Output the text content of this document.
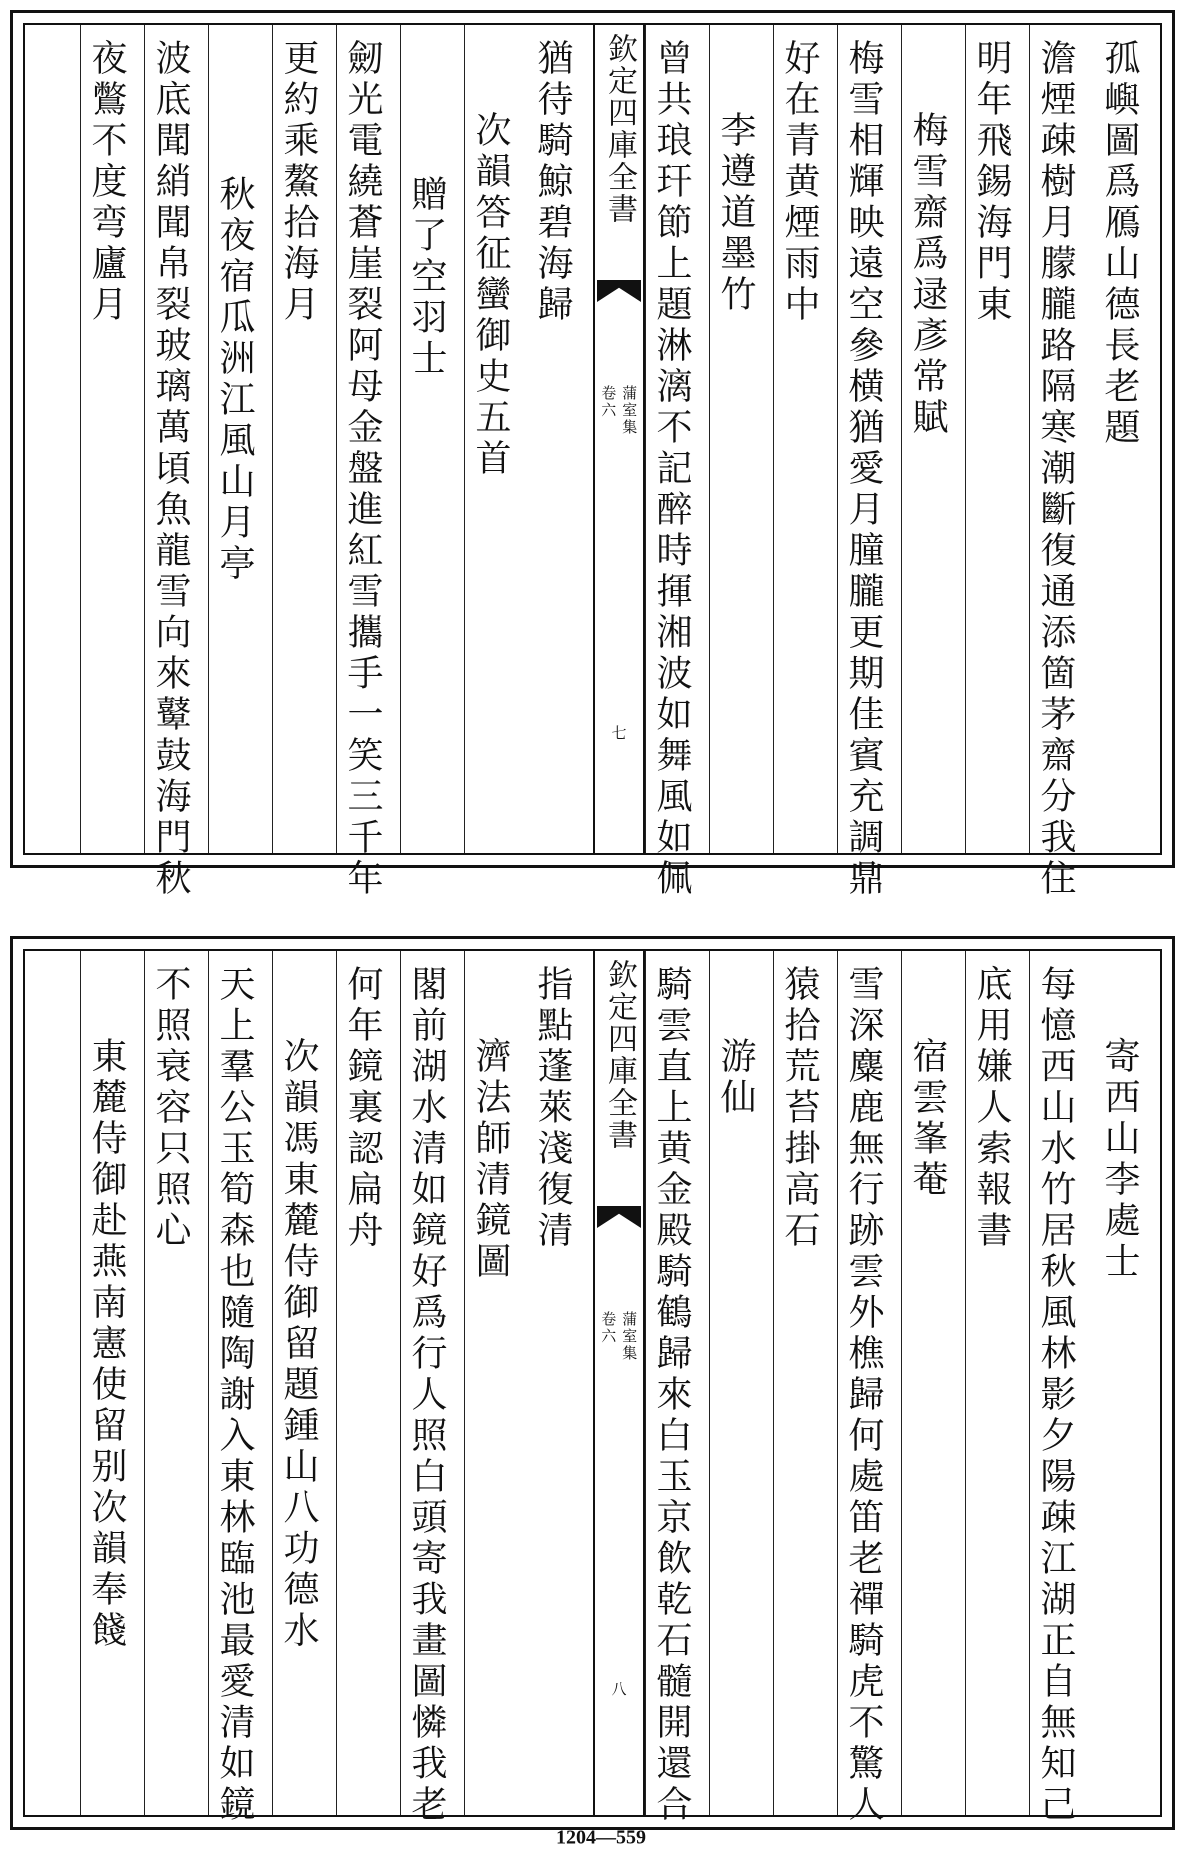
孤嶼圖爲鴈山德長老題
澹煙疎樹月朦朧路隔寒潮斷復通添箇茅齋分我住
明年飛錫海門東
梅雪齋爲逯彥常賦
梅雪相輝映遠空參横猶愛月朣朧更期佳賓充調鼎
好在青黄煙雨中
李遵道墨竹
曾共琅玕節上題淋漓不記醉時揮湘波如舞風如佩
欽定四庫全書
卷六 蒲室集
七
猶待騎鯨碧海歸
次韻答征蠻御史五首
贈了空羽士
劒光電繞蒼崖裂阿母金盤進紅雪攜手一笑三千年
更約乘鰲拾海月
秋夜宿瓜洲江風山月亭
波底聞綃聞帛裂玻璃萬頃魚龍雪向來鼙鼓海門秋
夜鷩不度弯廬月
寄西山李處士
每憶西山水竹居秋風林影夕陽疎江湖正自無知己
底用嫌人索報書
宿雲峯菴
雪深麋鹿無行跡雲外樵歸何處笛老禪騎虎不驚人
猿拾荒苔掛高石
游仙
騎雲直上黄金殿騎鶴歸來白玉京飲乾石髓開還合
欽定四庫全書
卷六 蒲室集
八
指點蓬萊淺復清
濟法師清鏡圖
閣前湖水清如鏡好爲行人照白頭寄我畫圖憐我老
何年鏡裏認扁舟
次韻馮東麓侍御留題鍾山八功德水
天上羣公玉筍森也隨陶謝入東林臨池最愛清如鏡
不照衰容只照心
東麓侍御赴燕南憲使留别次韻奉餞
1204—559
